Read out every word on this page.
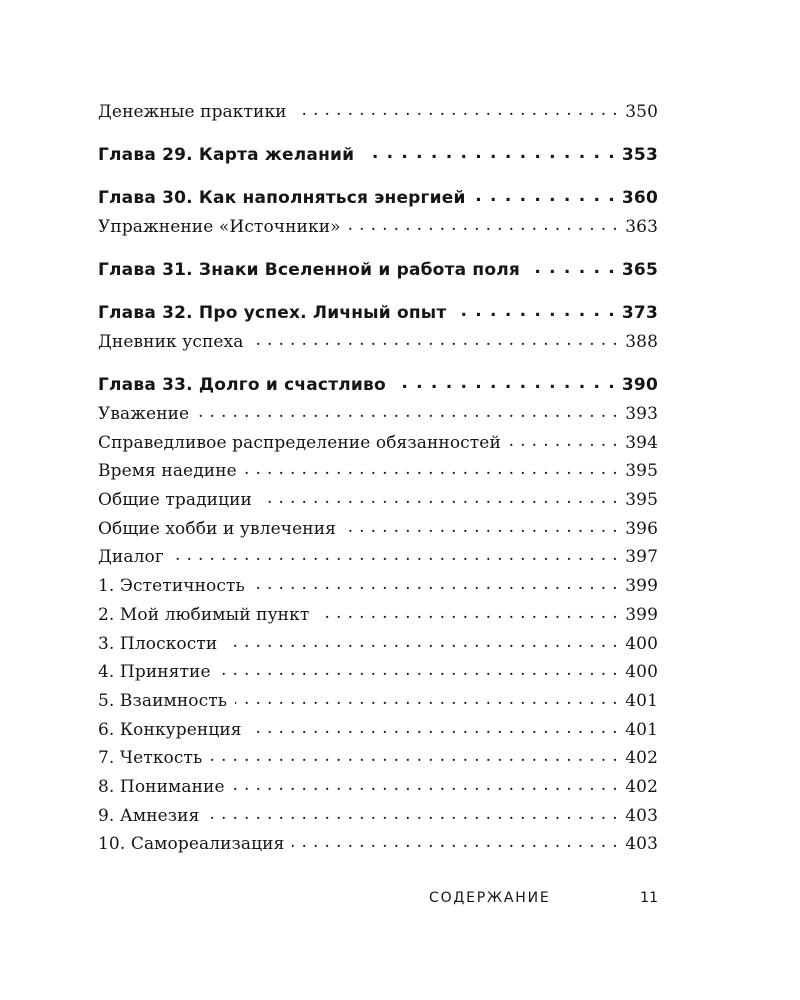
Денежные практики . . .	350
Глава 29. Карта желаний . . .	353
Глава 30. Как наполняться энергией . . .	360
Упражнение «Источники» . . .	363
Глава 31. Знаки Вселенной и работа поля . . .	365
Глава 32. Про успех. Личный опыт . . .	373
Дневник успеха . . .	388
Глава 33. Долго и счастливо . . .	390
Уважение . . .	393
Справедливое распределение обязанностей . . .	394
Время наедине . . .	395
Общие традиции . . .	395
Общие хобби и увлечения . . .	396
Диалог . . .	397
1. Эстетичность . . .	399
2. Мой любимый пункт . . .	399
3. Плоскости . . .	400
4. Принятие . . .	400
5. Взаимность . . .	401
6. Конкуренция . . .	401
7. Четкость . . .	402
8. Понимание . . .	402
9. Амнезия . . .	403
10. Самореализация . . .	403
СОДЕРЖАНИЕ	11
